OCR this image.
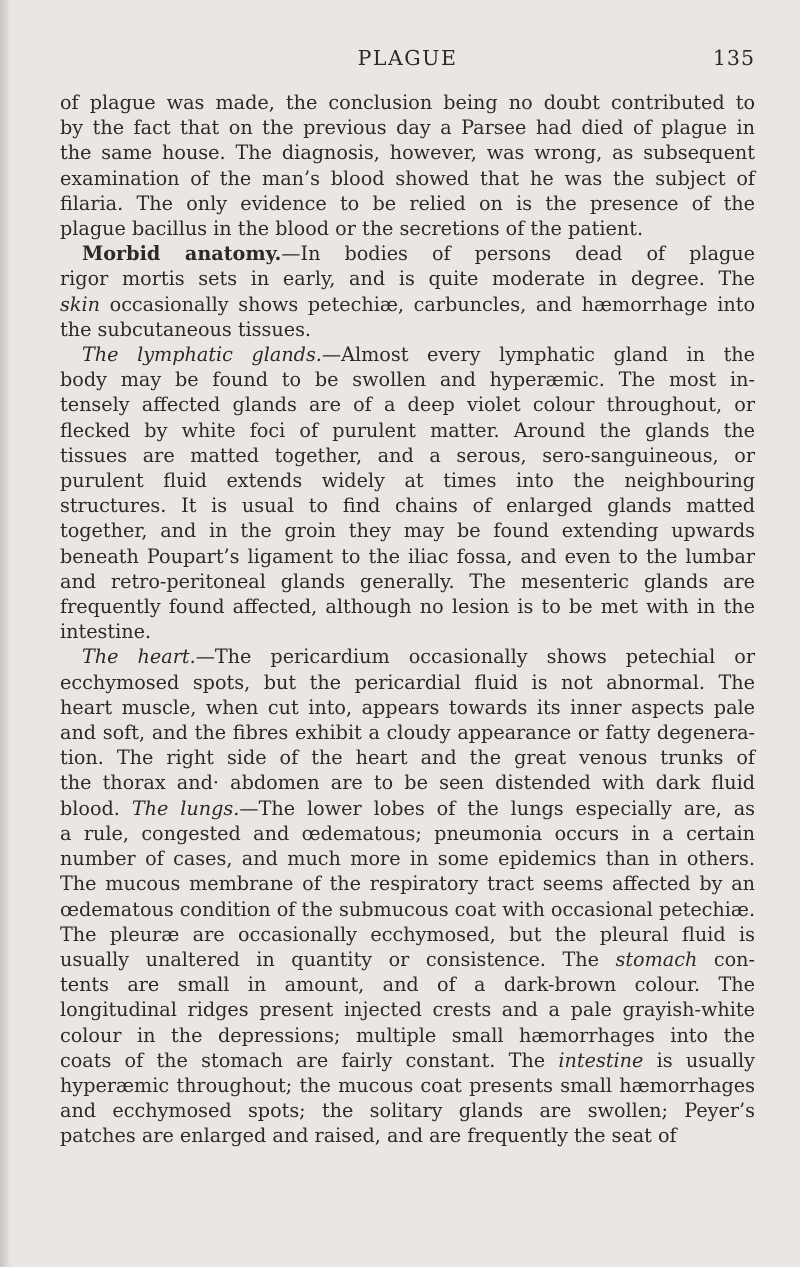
PLAGUE	135
of plague was made, the conclusion being no doubt contributed to
by the fact that on the previous day a Parsee had died of plague in
the same house. The diagnosis, however, was wrong, as subsequent
examination of the man’s blood showed that he was the subject of
filaria. The only evidence to be relied on is the presence of the
plague bacillus in the blood or the secretions of the patient.
Morbid anatomy.—In bodies of persons dead of plague
rigor mortis sets in early, and is quite moderate in degree. The
skin occasionally shows petechiæ, carbuncles, and hæmorrhage into
the subcutaneous tissues.
The lymphatic glands.—Almost every lymphatic gland in the
body may be found to be swollen and hyperæmic. The most in-
tensely affected glands are of a deep violet colour throughout, or
flecked by white foci of purulent matter. Around the glands the
tissues are matted together, and a serous, sero-sanguineous, or
purulent fluid extends widely at times into the neighbouring
structures. It is usual to find chains of enlarged glands matted
together, and in the groin they may be found extending upwards
beneath Poupart’s ligament to the iliac fossa, and even to the lumbar
and retro-peritoneal glands generally. The mesenteric glands are
frequently found affected, although no lesion is to be met with in the
intestine.
The heart.—The pericardium occasionally shows petechial or
ecchymosed spots, but the pericardial fluid is not abnormal. The
heart muscle, when cut into, appears towards its inner aspects pale
and soft, and the fibres exhibit a cloudy appearance or fatty degenera-
tion. The right side of the heart and the great venous trunks of
the thorax and· abdomen are to be seen distended with dark fluid
blood. The lungs.—The lower lobes of the lungs especially are, as
a rule, congested and œdematous; pneumonia occurs in a certain
number of cases, and much more in some epidemics than in others.
The mucous membrane of the respiratory tract seems affected by an
œdematous condition of the submucous coat with occasional petechiæ.
The pleuræ are occasionally ecchymosed, but the pleural fluid is
usually unaltered in quantity or consistence. The stomach con-
tents are small in amount, and of a dark-brown colour. The
longitudinal ridges present injected crests and a pale grayish-white
colour in the depressions; multiple small hæmorrhages into the
coats of the stomach are fairly constant. The intestine is usually
hyperæmic throughout; the mucous coat presents small hæmorrhages
and ecchymosed spots; the solitary glands are swollen; Peyer’s
patches are enlarged and raised, and are frequently the seat of
